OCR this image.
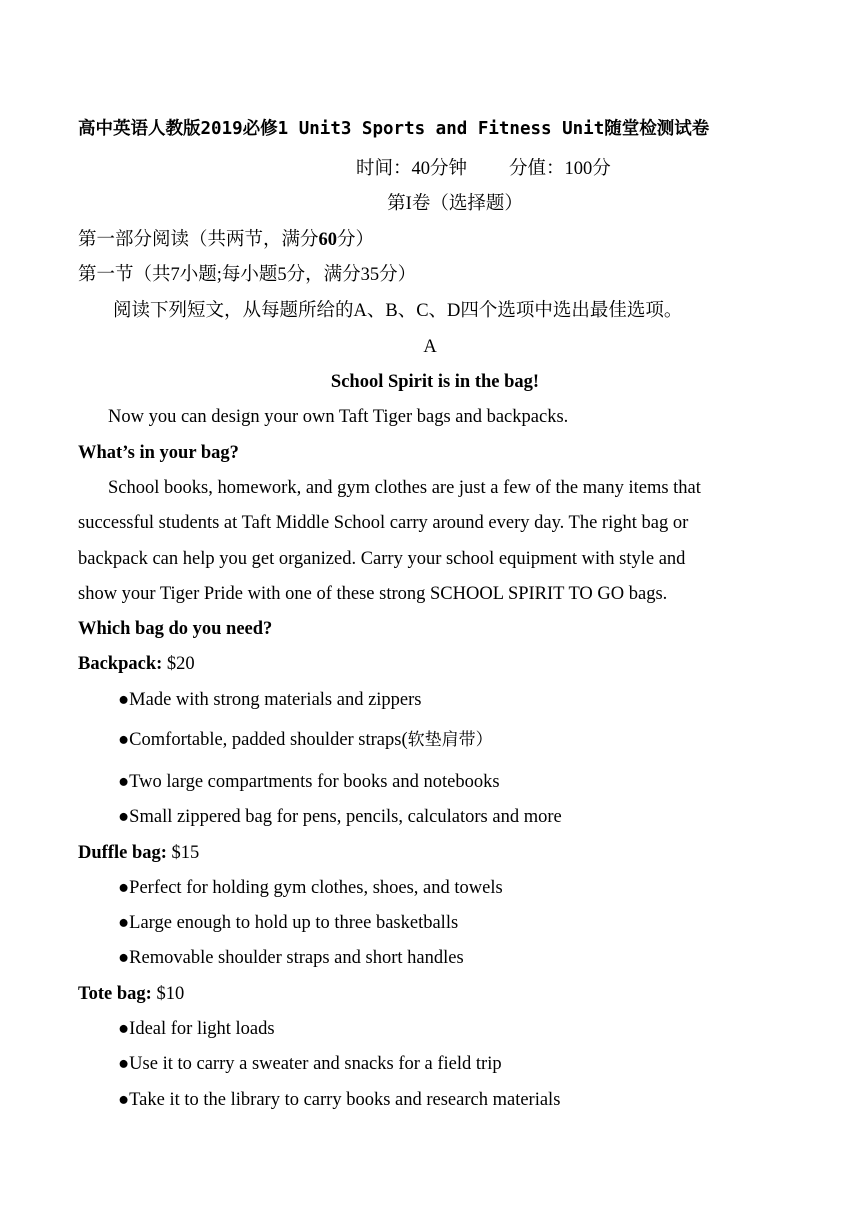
高中英语人教版2019必修1 Unit3 Sports and Fitness Unit随堂检测试卷
时间：40分钟 分值：100分
第I卷（选择题）
第一部分阅读（共两节，满分60分）
第一节（共7小题;每小题5分，满分35分）
阅读下列短文，从每题所给的A、B、C、D四个选项中选出最佳选项。
A
School Spirit is in the bag!
Now you can design your own Taft Tiger bags and backpacks.
What’s in your bag?
School books, homework, and gym clothes are just a few of the many items that
successful students at Taft Middle School carry around every day. The right bag or
backpack can help you get organized. Carry your school equipment with style and
show your Tiger Pride with one of these strong SCHOOL SPIRIT TO GO bags.
Which bag do you need?
Backpack: $20
●Made with strong materials and zippers
●Comfortable, padded shoulder straps(软垫肩带）
●Two large compartments for books and notebooks
●Small zippered bag for pens, pencils, calculators and more
Duffle bag: $15
●Perfect for holding gym clothes, shoes, and towels
●Large enough to hold up to three basketballs
●Removable shoulder straps and short handles
Tote bag: $10
●Ideal for light loads
●Use it to carry a sweater and snacks for a field trip
●Take it to the library to carry books and research materials
